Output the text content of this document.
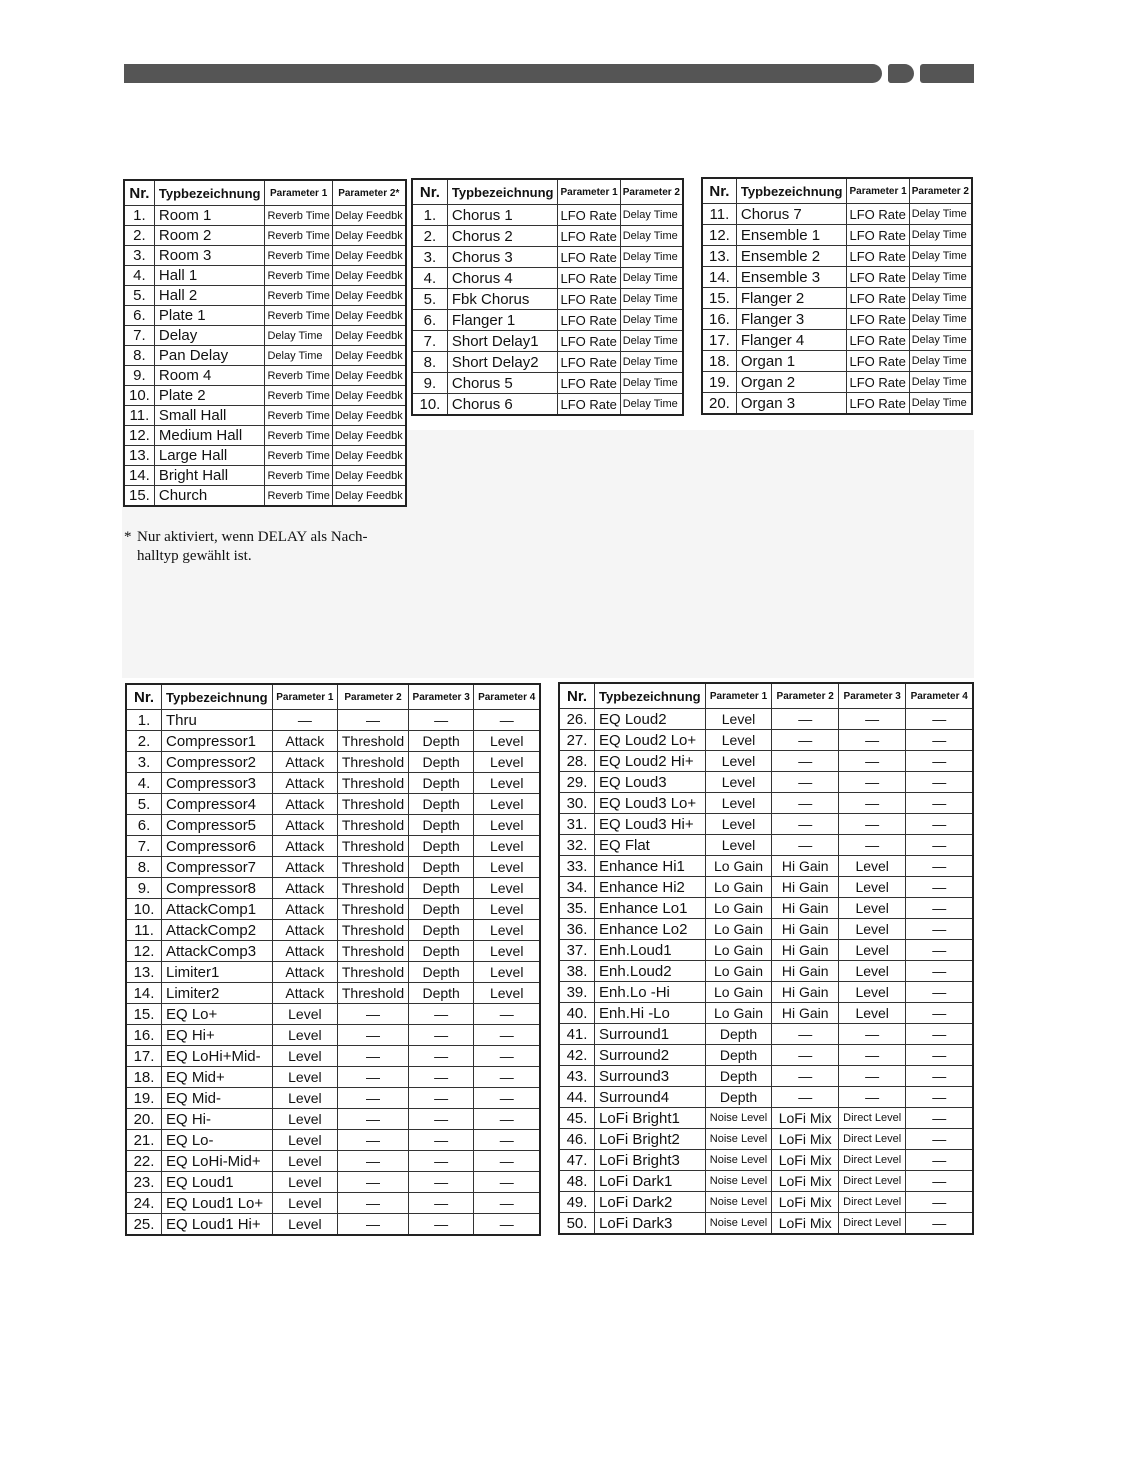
Nr.	Typbezeichnung	Parameter 1	Parameter 2*
1.	Room 1	Reverb Time	Delay Feedbk
2.	Room 2	Reverb Time	Delay Feedbk
3.	Room 3	Reverb Time	Delay Feedbk
4.	Hall 1	Reverb Time	Delay Feedbk
5.	Hall 2	Reverb Time	Delay Feedbk
6.	Plate 1	Reverb Time	Delay Feedbk
7.	Delay	Delay Time	Delay Feedbk
8.	Pan Delay	Delay Time	Delay Feedbk
9.	Room 4	Reverb Time	Delay Feedbk
10.	Plate 2	Reverb Time	Delay Feedbk
11.	Small Hall	Reverb Time	Delay Feedbk
12.	Medium Hall	Reverb Time	Delay Feedbk
13.	Large Hall	Reverb Time	Delay Feedbk
14.	Bright Hall	Reverb Time	Delay Feedbk
15.	Church	Reverb Time	Delay Feedbk
Nr.	Typbezeichnung	Parameter 1	Parameter 2
1.	Chorus 1	LFO Rate	Delay Time
2.	Chorus 2	LFO Rate	Delay Time
3.	Chorus 3	LFO Rate	Delay Time
4.	Chorus 4	LFO Rate	Delay Time
5.	Fbk Chorus	LFO Rate	Delay Time
6.	Flanger 1	LFO Rate	Delay Time
7.	Short Delay1	LFO Rate	Delay Time
8.	Short Delay2	LFO Rate	Delay Time
9.	Chorus 5	LFO Rate	Delay Time
10.	Chorus 6	LFO Rate	Delay Time
Nr.	Typbezeichnung	Parameter 1	Parameter 2
11.	Chorus 7	LFO Rate	Delay Time
12.	Ensemble 1	LFO Rate	Delay Time
13.	Ensemble 2	LFO Rate	Delay Time
14.	Ensemble 3	LFO Rate	Delay Time
15.	Flanger 2	LFO Rate	Delay Time
16.	Flanger 3	LFO Rate	Delay Time
17.	Flanger 4	LFO Rate	Delay Time
18.	Organ 1	LFO Rate	Delay Time
19.	Organ 2	LFO Rate	Delay Time
20.	Organ 3	LFO Rate	Delay Time
* Nur aktiviert, wenn DELAY als Nach-
halltyp gewählt ist.
Nr.	Typbezeichnung	Parameter 1	Parameter 2	Parameter 3	Parameter 4
1.	Thru	—	—	—	—
2.	Compressor1	Attack	Threshold	Depth	Level
3.	Compressor2	Attack	Threshold	Depth	Level
4.	Compressor3	Attack	Threshold	Depth	Level
5.	Compressor4	Attack	Threshold	Depth	Level
6.	Compressor5	Attack	Threshold	Depth	Level
7.	Compressor6	Attack	Threshold	Depth	Level
8.	Compressor7	Attack	Threshold	Depth	Level
9.	Compressor8	Attack	Threshold	Depth	Level
10.	AttackComp1	Attack	Threshold	Depth	Level
11.	AttackComp2	Attack	Threshold	Depth	Level
12.	AttackComp3	Attack	Threshold	Depth	Level
13.	Limiter1	Attack	Threshold	Depth	Level
14.	Limiter2	Attack	Threshold	Depth	Level
15.	EQ Lo+	Level	—	—	—
16.	EQ Hi+	Level	—	—	—
17.	EQ LoHi+Mid-	Level	—	—	—
18.	EQ Mid+	Level	—	—	—
19.	EQ Mid-	Level	—	—	—
20.	EQ Hi-	Level	—	—	—
21.	EQ Lo-	Level	—	—	—
22.	EQ LoHi-Mid+	Level	—	—	—
23.	EQ Loud1	Level	—	—	—
24.	EQ Loud1 Lo+	Level	—	—	—
25.	EQ Loud1 Hi+	Level	—	—	—
Nr.	Typbezeichnung	Parameter 1	Parameter 2	Parameter 3	Parameter 4
26.	EQ Loud2	Level	—	—	—
27.	EQ Loud2 Lo+	Level	—	—	—
28.	EQ Loud2 Hi+	Level	—	—	—
29.	EQ Loud3	Level	—	—	—
30.	EQ Loud3 Lo+	Level	—	—	—
31.	EQ Loud3 Hi+	Level	—	—	—
32.	EQ Flat	Level	—	—	—
33.	Enhance Hi1	Lo Gain	Hi Gain	Level	—
34.	Enhance Hi2	Lo Gain	Hi Gain	Level	—
35.	Enhance Lo1	Lo Gain	Hi Gain	Level	—
36.	Enhance Lo2	Lo Gain	Hi Gain	Level	—
37.	Enh.Loud1	Lo Gain	Hi Gain	Level	—
38.	Enh.Loud2	Lo Gain	Hi Gain	Level	—
39.	Enh.Lo -Hi	Lo Gain	Hi Gain	Level	—
40.	Enh.Hi -Lo	Lo Gain	Hi Gain	Level	—
41.	Surround1	Depth	—	—	—
42.	Surround2	Depth	—	—	—
43.	Surround3	Depth	—	—	—
44.	Surround4	Depth	—	—	—
45.	LoFi Bright1	Noise Level	LoFi Mix	Direct Level	—
46.	LoFi Bright2	Noise Level	LoFi Mix	Direct Level	—
47.	LoFi Bright3	Noise Level	LoFi Mix	Direct Level	—
48.	LoFi Dark1	Noise Level	LoFi Mix	Direct Level	—
49.	LoFi Dark2	Noise Level	LoFi Mix	Direct Level	—
50.	LoFi Dark3	Noise Level	LoFi Mix	Direct Level	—
